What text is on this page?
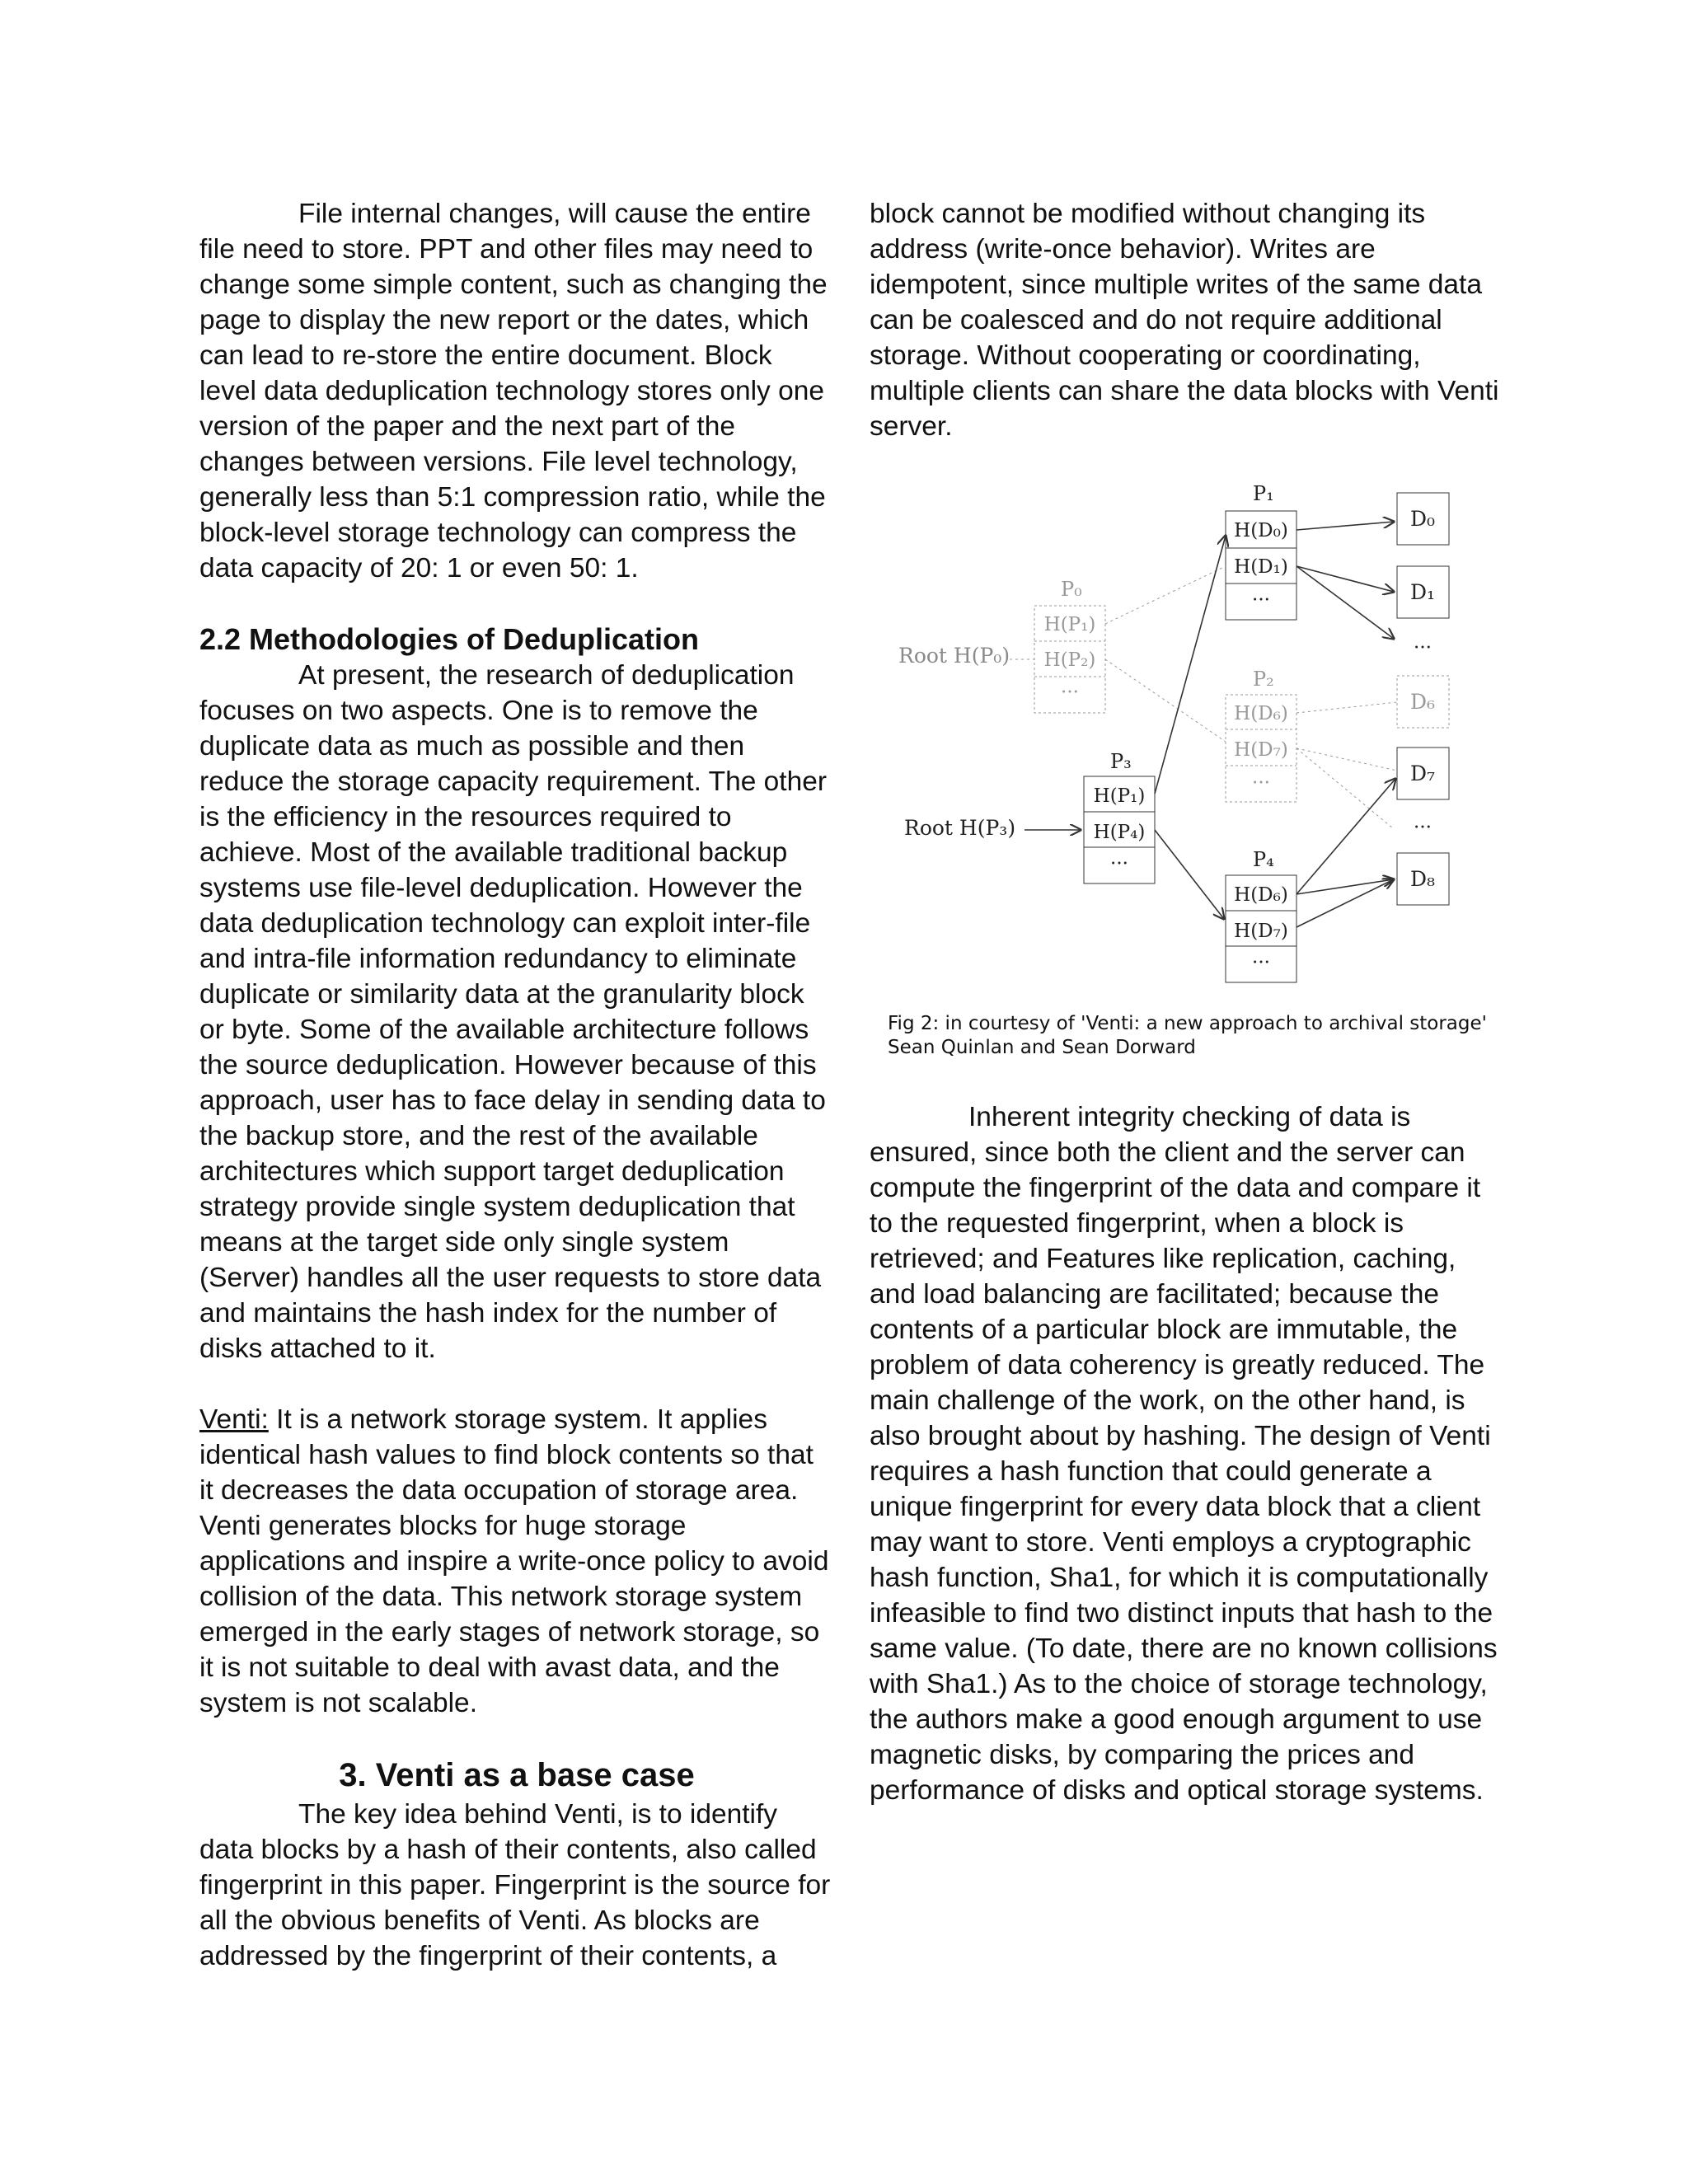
File internal changes, will cause the entire file need to store. PPT and other files may need to change some simple content, such as changing the page to display the new report or the dates, which can lead to re-store the entire document. Block level data deduplication technology stores only one version of the paper and the next part of the changes between versions. File level technology, generally less than 5:1 compression ratio, while the block-level storage technology can compress the data capacity of 20: 1 or even 50: 1.

2.2 Methodologies of Deduplication

At present, the research of deduplication focuses on two aspects. One is to remove the duplicate data as much as possible and then reduce the storage capacity requirement. The other is the efficiency in the resources required to achieve. Most of the available traditional backup systems use file-level deduplication. However the data deduplication technology can exploit inter-file and intra-file information redundancy to eliminate duplicate or similarity data at the granularity block or byte. Some of the available architecture follows the source deduplication. However because of this approach, user has to face delay in sending data to the backup store, and the rest of the available architectures which support target deduplication strategy provide single system deduplication that means at the target side only single system (Server) handles all the user requests to store data and maintains the hash index for the number of disks attached to it.

Venti: It is a network storage system. It applies identical hash values to find block contents so that it decreases the data occupation of storage area. Venti generates blocks for huge storage applications and inspire a write-once policy to avoid collision of the data. This network storage system emerged in the early stages of network storage, so it is not suitable to deal with avast data, and the system is not scalable.

3. Venti as a base case

The key idea behind Venti, is to identify data blocks by a hash of their contents, also called fingerprint in this paper. Fingerprint is the source for all the obvious benefits of Venti. As blocks are addressed by the fingerprint of their contents, a

block cannot be modified without changing its address (write-once behavior). Writes are idempotent, since multiple writes of the same data can be coalesced and do not require additional storage. Without cooperating or coordinating, multiple clients can share the data blocks with Venti server.

Root H(P₀)
Root H(P₃)
P₀
H(P₁)
H(P₂)
···
P₁
H(D₀)
H(D₁)
···
P₂
H(D₆)
H(D₇)
···
P₃
H(P₁)
H(P₄)
···	P₄
H(D₆)
H(D₇)
···
D₀
D₁
···
D₆
D₇
···
D₈

Fig 2: in courtesy of 'Venti: a new approach to archival storage'
Sean Quinlan and Sean Dorward

Inherent integrity checking of data is ensured, since both the client and the server can compute the fingerprint of the data and compare it to the requested fingerprint, when a block is retrieved; and Features like replication, caching, and load balancing are facilitated; because the contents of a particular block are immutable, the problem of data coherency is greatly reduced. The main challenge of the work, on the other hand, is also brought about by hashing. The design of Venti requires a hash function that could generate a unique fingerprint for every data block that a client may want to store. Venti employs a cryptographic hash function, Sha1, for which it is computationally infeasible to find two distinct inputs that hash to the same value. (To date, there are no known collisions with Sha1.) As to the choice of storage technology, the authors make a good enough argument to use magnetic disks, by comparing the prices and performance of disks and optical storage systems.
